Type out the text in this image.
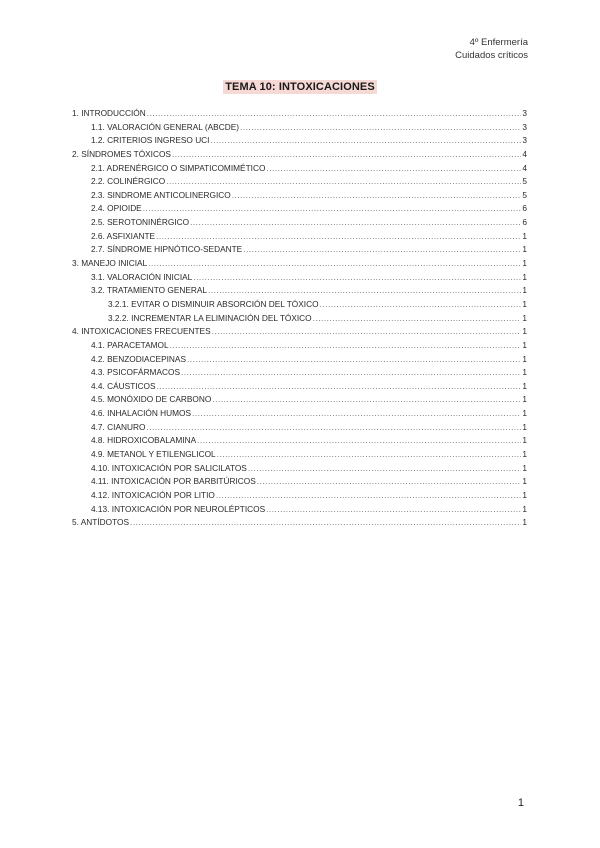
4º Enfermería
Cuidados críticos
TEMA 10: INTOXICACIONES
1. INTRODUCCIÓN .....	3
1.1. VALORACIÓN GENERAL (ABCDE) .....	3
1.2. CRITERIOS INGRESO UCI .....	3
2. SÍNDROMES TÓXICOS .....	4
2.1. ADRENÉRGICO O SIMPATICOMIMÉTICO .....	4
2.2. COLINÉRGICO .....	5
2.3. SINDROME ANTICOLINERGICO .....	5
2.4. OPIOIDE .....	6
2.5. SEROTONINÉRGICO .....	6
2.6. ASFIXIANTE .....	1
2.7. SÍNDROME HIPNÓTICO-SEDANTE .....	1
3. MANEJO INICIAL .....	1
3.1. VALORACIÓN INICIAL .....	1
3.2. TRATAMIENTO GENERAL .....	1
3.2.1. EVITAR O DISMINUIR ABSORCIÓN DEL TÓXICO .....	1
3.2.2. INCREMENTAR LA ELIMINACIÓN DEL TÓXICO .....	1
4. INTOXICACIONES FRECUENTES .....	1
4.1. PARACETAMOL .....	1
4.2. BENZODIACEPINAS .....	1
4.3. PSICOFÁRMACOS .....	1
4.4. CÁUSTICOS .....	1
4.5. MONÓXIDO DE CARBONO .....	1
4.6. INHALACIÓN HUMOS .....	1
4.7. CIANURO .....	1
4.8. HIDROXICOBALAMINA .....	1
4.9. METANOL Y ETILENGLICOL .....	1
4.10. INTOXICACIÓN POR SALICILATOS .....	1
4.11. INTOXICACIÓN POR BARBITÚRICOS .....	1
4.12. INTOXICACIÓN POR LITIO .....	1
4.13. INTOXICACIÓN POR NEUROLÉPTICOS .....	1
5. ANTÍDOTOS .....	1
1
